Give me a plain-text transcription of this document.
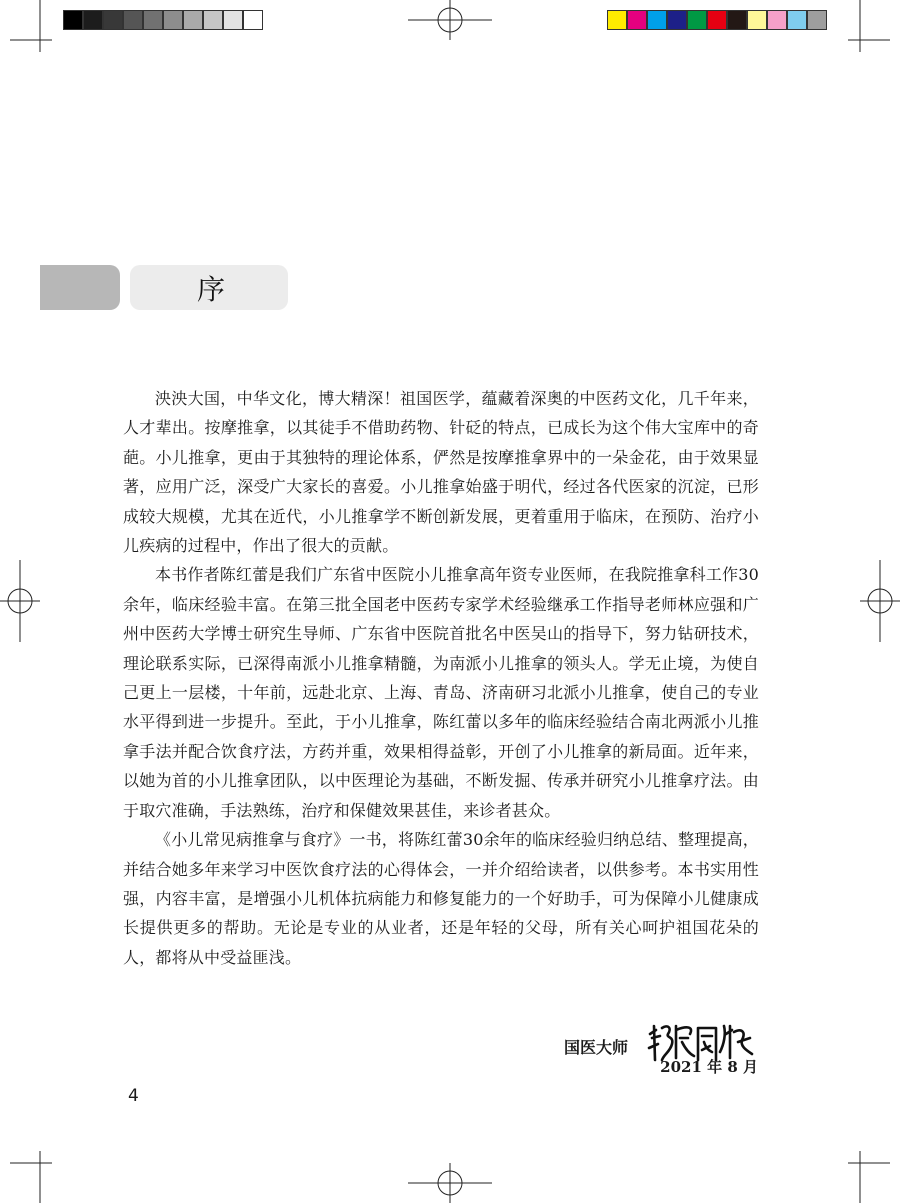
序

泱泱大国，中华文化，博大精深！祖国医学，蕴藏着深奥的中医药文化，几千年来，人才辈出。按摩推拿，以其徒手不借助药物、针砭的特点，已成长为这个伟大宝库中的奇葩。小儿推拿，更由于其独特的理论体系，俨然是按摩推拿界中的一朵金花，由于效果显著，应用广泛，深受广大家长的喜爱。小儿推拿始盛于明代，经过各代医家的沉淀，已形成较大规模，尤其在近代，小儿推拿学不断创新发展，更着重用于临床，在预防、治疗小儿疾病的过程中，作出了很大的贡献。

本书作者陈红蕾是我们广东省中医院小儿推拿高年资专业医师，在我院推拿科工作30余年，临床经验丰富。在第三批全国老中医药专家学术经验继承工作指导老师林应强和广州中医药大学博士研究生导师、广东省中医院首批名中医吴山的指导下，努力钻研技术，理论联系实际，已深得南派小儿推拿精髓，为南派小儿推拿的领头人。学无止境，为使自己更上一层楼，十年前，远赴北京、上海、青岛、济南研习北派小儿推拿，使自己的专业水平得到进一步提升。至此，于小儿推拿，陈红蕾以多年的临床经验结合南北两派小儿推拿手法并配合饮食疗法，方药并重，效果相得益彰，开创了小儿推拿的新局面。近年来，以她为首的小儿推拿团队，以中医理论为基础，不断发掘、传承并研究小儿推拿疗法。由于取穴准确，手法熟练，治疗和保健效果甚佳，来诊者甚众。

《小儿常见病推拿与食疗》一书，将陈红蕾30余年的临床经验归纳总结、整理提高，并结合她多年来学习中医饮食疗法的心得体会，一并介绍给读者，以供参考。本书实用性强，内容丰富，是增强小儿机体抗病能力和修复能力的一个好助手，可为保障小儿健康成长提供更多的帮助。无论是专业的从业者，还是年轻的父母，所有关心呵护祖国花朵的人，都将从中受益匪浅。

国医大师
2021 年 8 月
4
